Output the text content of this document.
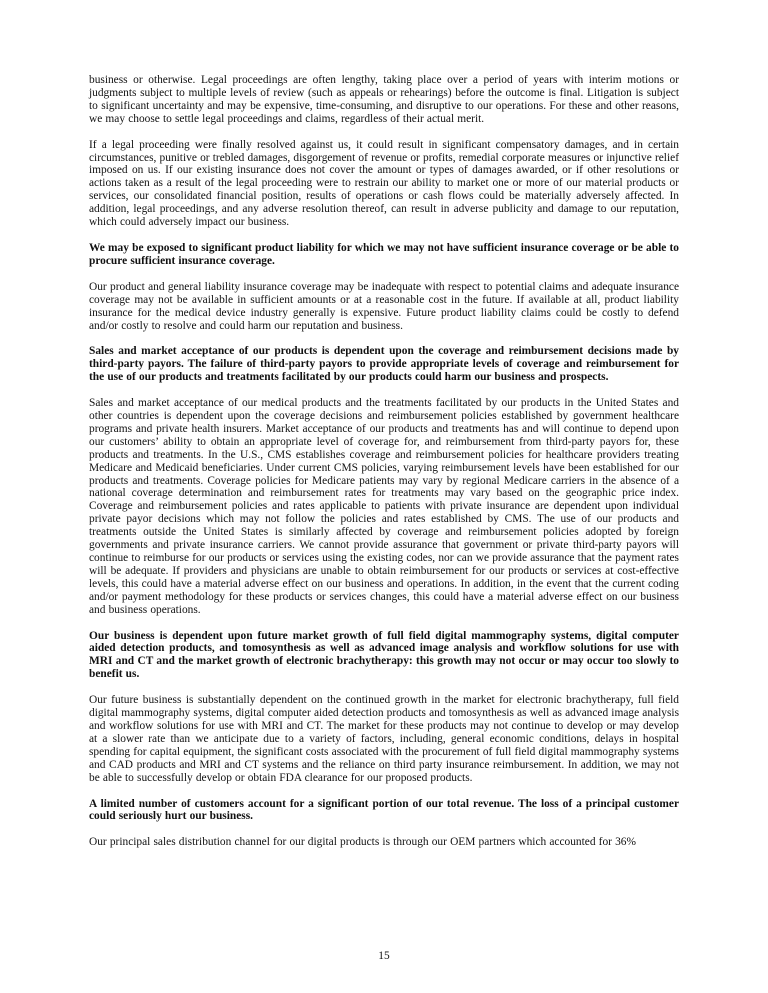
business or otherwise. Legal proceedings are often lengthy, taking place over a period of years with interim motions or judgments subject to multiple levels of review (such as appeals or rehearings) before the outcome is final. Litigation is subject to significant uncertainty and may be expensive, time-consuming, and disruptive to our operations. For these and other reasons, we may choose to settle legal proceedings and claims, regardless of their actual merit.

If a legal proceeding were finally resolved against us, it could result in significant compensatory damages, and in certain circumstances, punitive or trebled damages, disgorgement of revenue or profits, remedial corporate measures or injunctive relief imposed on us. If our existing insurance does not cover the amount or types of damages awarded, or if other resolutions or actions taken as a result of the legal proceeding were to restrain our ability to market one or more of our material products or services, our consolidated financial position, results of operations or cash flows could be materially adversely affected. In addition, legal proceedings, and any adverse resolution thereof, can result in adverse publicity and damage to our reputation, which could adversely impact our business.

We may be exposed to significant product liability for which we may not have sufficient insurance coverage or be able to procure sufficient insurance coverage.

Our product and general liability insurance coverage may be inadequate with respect to potential claims and adequate insurance coverage may not be available in sufficient amounts or at a reasonable cost in the future. If available at all, product liability insurance for the medical device industry generally is expensive. Future product liability claims could be costly to defend and/or costly to resolve and could harm our reputation and business.

Sales and market acceptance of our products is dependent upon the coverage and reimbursement decisions made by third-party payors. The failure of third-party payors to provide appropriate levels of coverage and reimbursement for the use of our products and treatments facilitated by our products could harm our business and prospects.

Sales and market acceptance of our medical products and the treatments facilitated by our products in the United States and other countries is dependent upon the coverage decisions and reimbursement policies established by government healthcare programs and private health insurers. Market acceptance of our products and treatments has and will continue to depend upon our customers’ ability to obtain an appropriate level of coverage for, and reimbursement from third-party payors for, these products and treatments. In the U.S., CMS establishes coverage and reimbursement policies for healthcare providers treating Medicare and Medicaid beneficiaries. Under current CMS policies, varying reimbursement levels have been established for our products and treatments. Coverage policies for Medicare patients may vary by regional Medicare carriers in the absence of a national coverage determination and reimbursement rates for treatments may vary based on the geographic price index. Coverage and reimbursement policies and rates applicable to patients with private insurance are dependent upon individual private payor decisions which may not follow the policies and rates established by CMS. The use of our products and treatments outside the United States is similarly affected by coverage and reimbursement policies adopted by foreign governments and private insurance carriers. We cannot provide assurance that government or private third-party payors will continue to reimburse for our products or services using the existing codes, nor can we provide assurance that the payment rates will be adequate. If providers and physicians are unable to obtain reimbursement for our products or services at cost-effective levels, this could have a material adverse effect on our business and operations. In addition, in the event that the current coding and/or payment methodology for these products or services changes, this could have a material adverse effect on our business and business operations.

Our business is dependent upon future market growth of full field digital mammography systems, digital computer aided detection products, and tomosynthesis as well as advanced image analysis and workflow solutions for use with MRI and CT and the market growth of electronic brachytherapy: this growth may not occur or may occur too slowly to benefit us.

Our future business is substantially dependent on the continued growth in the market for electronic brachytherapy, full field digital mammography systems, digital computer aided detection products and tomosynthesis as well as advanced image analysis and workflow solutions for use with MRI and CT. The market for these products may not continue to develop or may develop at a slower rate than we anticipate due to a variety of factors, including, general economic conditions, delays in hospital spending for capital equipment, the significant costs associated with the procurement of full field digital mammography systems and CAD products and MRI and CT systems and the reliance on third party insurance reimbursement. In addition, we may not be able to successfully develop or obtain FDA clearance for our proposed products.

A limited number of customers account for a significant portion of our total revenue. The loss of a principal customer could seriously hurt our business.

Our principal sales distribution channel for our digital products is through our OEM partners which accounted for 36%

15
